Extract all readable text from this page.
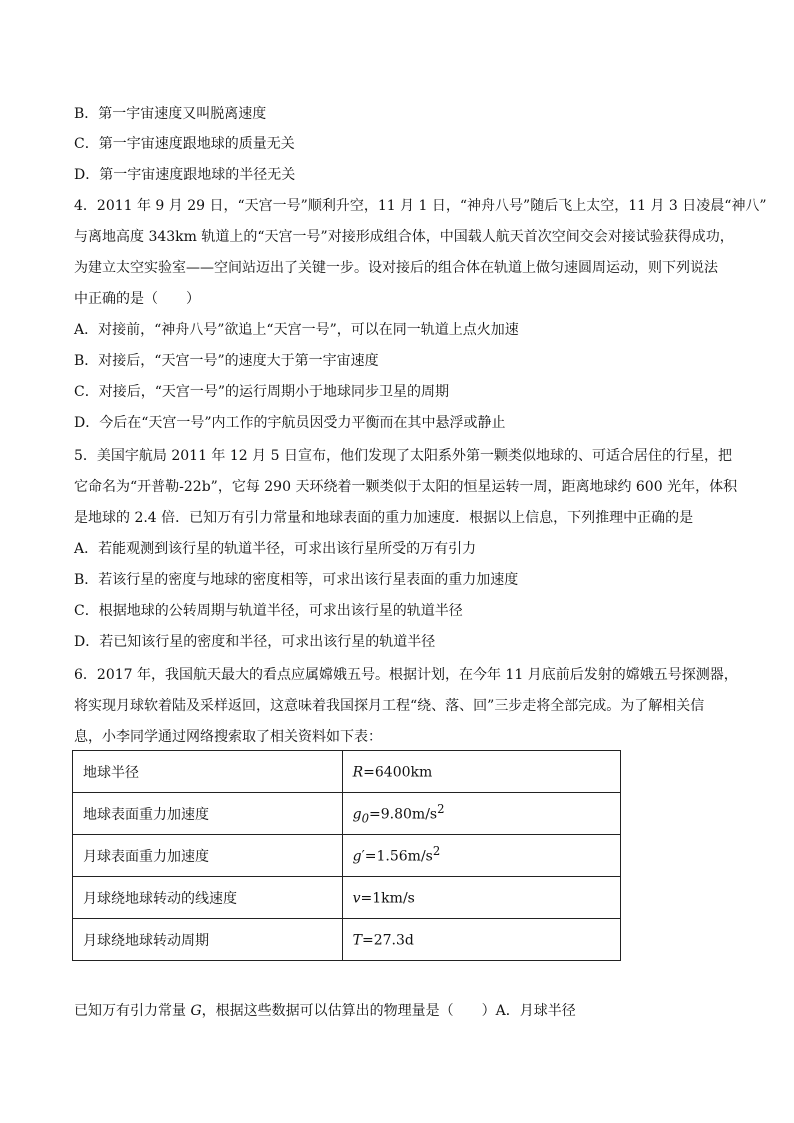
B．第一宇宙速度又叫脱离速度
C．第一宇宙速度跟地球的质量无关
D．第一宇宙速度跟地球的半径无关
4．2011 年 9 月 29 日，“天宫一号”顺利升空，11 月 1 日，“神舟八号”随后飞上太空，11 月 3 日凌晨“神八”
与离地高度 343km 轨道上的“天宫一号”对接形成组合体，中国载人航天首次空间交会对接试验获得成功，
为建立太空实验室——空间站迈出了关键一步。设对接后的组合体在轨道上做匀速圆周运动，则下列说法
中正确的是（　　）
A．对接前，“神舟八号”欲追上“天宫一号”，可以在同一轨道上点火加速
B．对接后，“天宫一号”的速度大于第一宇宙速度
C．对接后，“天宫一号”的运行周期小于地球同步卫星的周期
D．今后在“天宫一号”内工作的宇航员因受力平衡而在其中悬浮或静止
5．美国宇航局 2011 年 12 月 5 日宣布，他们发现了太阳系外第一颗类似地球的、可适合居住的行星，把
它命名为“开普勒-22b”，它每 290 天环绕着一颗类似于太阳的恒星运转一周，距离地球约 600 光年，体积
是地球的 2.4 倍．已知万有引力常量和地球表面的重力加速度．根据以上信息，下列推理中正确的是
A．若能观测到该行星的轨道半径，可求出该行星所受的万有引力
B．若该行星的密度与地球的密度相等，可求出该行星表面的重力加速度
C．根据地球的公转周期与轨道半径，可求出该行星的轨道半径
D．若已知该行星的密度和半径，可求出该行星的轨道半径
6．2017 年，我国航天最大的看点应属嫦娥五号。根据计划，在今年 11 月底前后发射的嫦娥五号探测器，
将实现月球软着陆及采样返回，这意味着我国探月工程“绕、落、回”三步走将全部完成。为了解相关信
息，小李同学通过网络搜索取了相关资料如下表：
地球半径	R=6400km
地球表面重力加速度	$g_0=9.80m/s^2$
月球表面重力加速度	$g'=1.56m/s^2$
月球绕地球转动的线速度	v=1km/s
月球绕地球转动周期	T=27.3d
已知万有引力常量 G，根据这些数据可以估算出的物理量是（　　）A．月球半径
